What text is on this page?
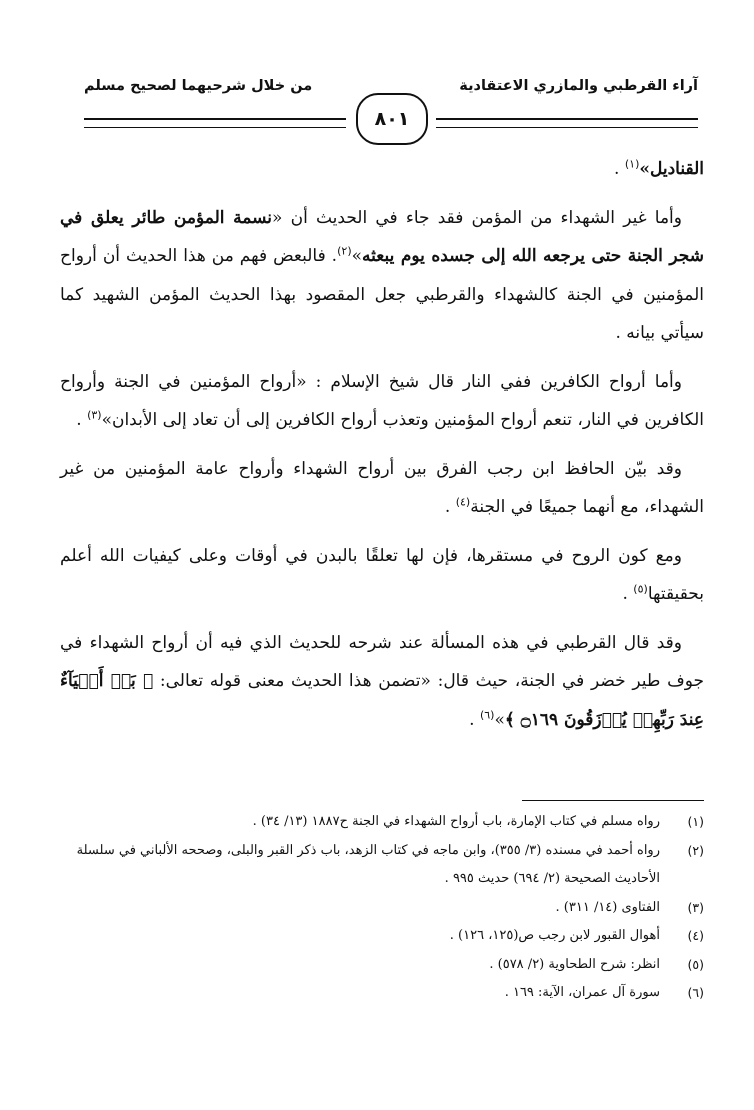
آراء القرطبي والمازري الاعتقادية
من خلال شرحيهما لصحيح مسلم
٨٠١

القناديل»$^{(١)}$ .

وأما غير الشهداء من المؤمن فقد جاء في الحديث أن «نسمة المؤمن طائر يعلق في شجر الجنة حتى يرجعه الله إلى جسده يوم يبعثه»$^{(٢)}$. فالبعض فهم من هذا الحديث أن أرواح المؤمنين في الجنة كالشهداء والقرطبي جعل المقصود بهذا الحديث المؤمن الشهيد كما سيأتي بيانه .

وأما أرواح الكافرين ففي النار قال شيخ الإسلام : «أرواح المؤمنين في الجنة وأرواح الكافرين في النار، تنعم أرواح المؤمنين وتعذب أرواح الكافرين إلى أن تعاد إلى الأبدان»$^{(٣)}$ .

وقد بيّن الحافظ ابن رجب الفرق بين أرواح الشهداء وأرواح عامة المؤمنين من غير الشهداء، مع أنهما جميعًا في الجنة$^{(٤)}$ .

ومع كون الروح في مستقرها، فإن لها تعلقًا بالبدن في أوقات وعلى كيفيات الله أعلم بحقيقتها$^{(٥)}$ .

وقد قال القرطبي في هذه المسألة عند شرحه للحديث الذي فيه أن أرواح الشهداء في جوف طير خضر في الجنة، حيث قال: «تضمن هذا الحديث معنى قوله تعالى: ﴿ بَلۡ أَحۡيَآءٌ عِندَ رَبِّهِمۡ يُرۡزَقُونَ ۝١٦٩ ﴾»$^{(٦)}$ .

(١)
رواه مسلم في كتاب الإمارة، باب أرواح الشهداء في الجنة ح١٨٨٧ (١٣/ ٣٤) .
(٢)
رواه أحمد في مسنده (٣/ ٣٥٥)، وابن ماجه في كتاب الزهد، باب ذكر القبر والبلى، وصححه الألباني في سلسلة الأحاديث الصحيحة (٢/ ٦٩٤) حديث ٩٩٥ .
(٣)
الفتاوى (١٤/ ٣١١) .
(٤)
أهوال القبور لابن رجب ص(١٢٥، ١٢٦) .
(٥)
انظر: شرح الطحاوية (٢/ ٥٧٨) .
(٦)
سورة آل عمران، الآية: ١٦٩ .
